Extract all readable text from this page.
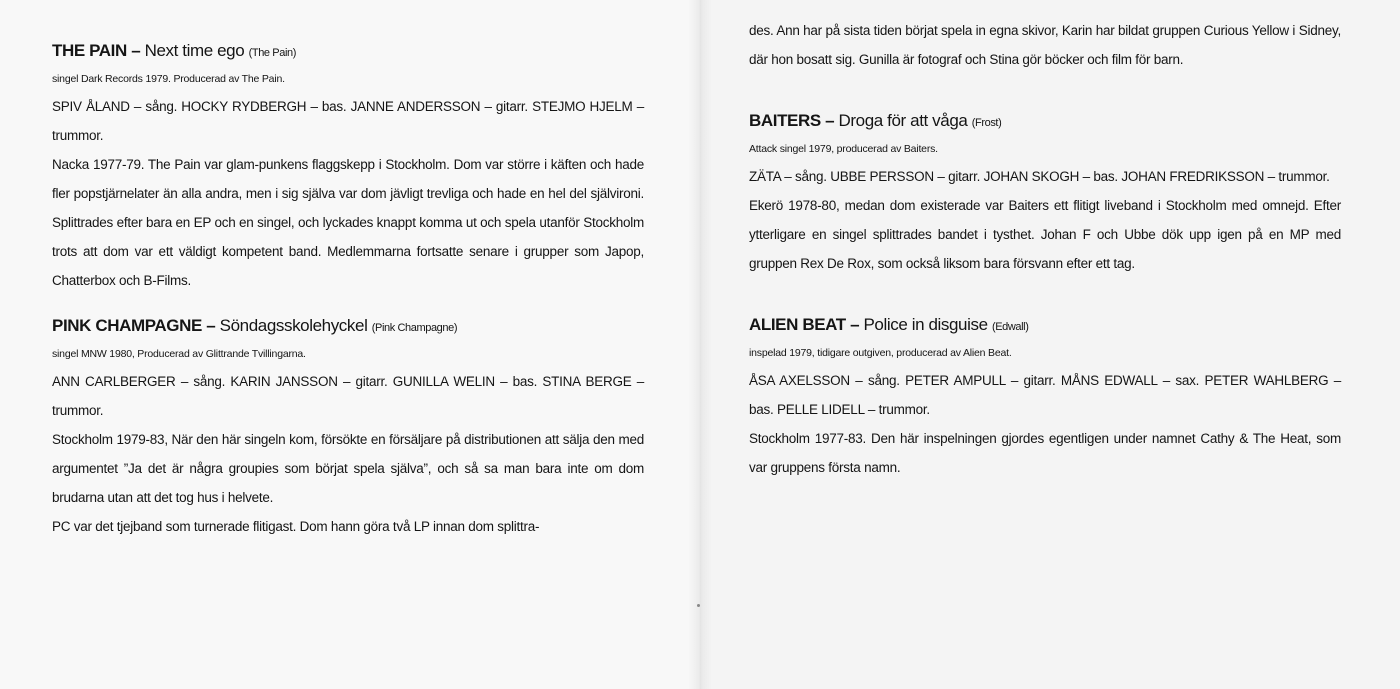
THE PAIN – Next time ego (The Pain)

singel Dark Records 1979. Producerad av The Pain.

SPIV ÅLAND – sång. HOCKY RYDBERGH – bas. JANNE ANDERSSON – gitarr. STEJMO HJELM – trummor.

Nacka 1977-79. The Pain var glam-punkens flaggskepp i Stockholm. Dom var större i käften och hade fler popstjärnelater än alla andra, men i sig själva var dom jävligt trevliga och hade en hel del självironi. Splittrades efter bara en EP och en singel, och lyckades knappt komma ut och spela utanför Stockholm trots att dom var ett väldigt kompetent band. Medlemmarna fortsatte senare i grupper som Japop, Chatterbox och B-Films.

PINK CHAMPAGNE – Söndagsskolehyckel (Pink Champagne)

singel MNW 1980, Producerad av Glittrande Tvillingarna.

ANN CARLBERGER – sång. KARIN JANSSON – gitarr. GUNILLA WELIN – bas. STINA BERGE – trummor.

Stockholm 1979-83, När den här singeln kom, försökte en försäljare på distributionen att sälja den med argumentet ”Ja det är några groupies som börjat spela själva”, och så sa man bara inte om dom brudarna utan att det tog hus i helvete.

PC var det tjejband som turnerade flitigast. Dom hann göra två LP innan dom splittra-

des. Ann har på sista tiden börjat spela in egna skivor, Karin har bildat gruppen Curious Yellow i Sidney, där hon bosatt sig. Gunilla är fotograf och Stina gör böcker och film för barn.

BAITERS – Droga för att våga (Frost)

Attack singel 1979, producerad av Baiters.

ZÄTA – sång. UBBE PERSSON – gitarr. JOHAN SKOGH – bas. JOHAN FREDRIKSSON – trummor.

Ekerö 1978-80, medan dom existerade var Baiters ett flitigt liveband i Stockholm med omnejd. Efter ytterligare en singel splittrades bandet i tysthet. Johan F och Ubbe dök upp igen på en MP med gruppen Rex De Rox, som också liksom bara försvann efter ett tag.

ALIEN BEAT – Police in disguise (Edwall)

inspelad 1979, tidigare outgiven, producerad av Alien Beat.

ÅSA AXELSSON – sång. PETER AMPULL – gitarr. MÅNS EDWALL – sax. PETER WAHLBERG – bas. PELLE LIDELL – trummor.

Stockholm 1977-83. Den här inspelningen gjordes egentligen under namnet Cathy & The Heat, som var gruppens första namn.
